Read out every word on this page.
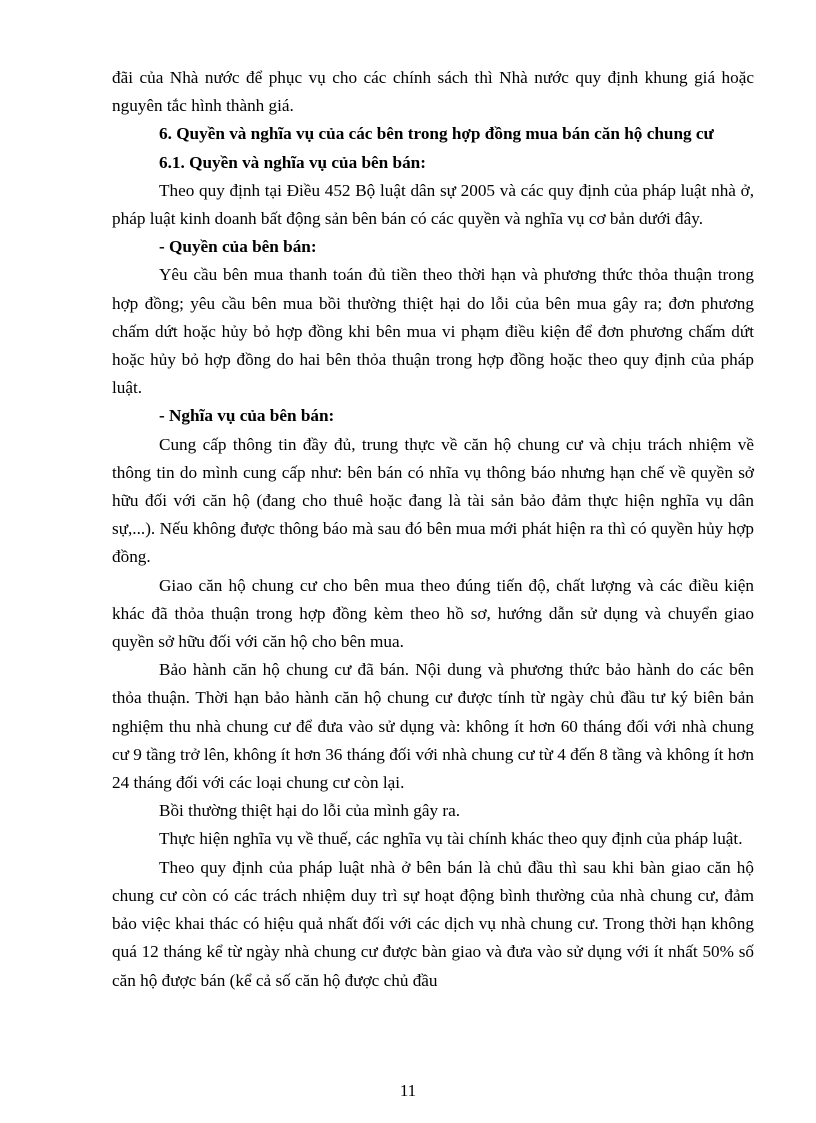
đãi của Nhà nước để phục vụ cho các chính sách thì Nhà nước quy định khung giá hoặc nguyên tắc hình thành giá.

6. Quyền và nghĩa vụ của các bên trong hợp đồng mua bán căn hộ chung cư

6.1. Quyền và nghĩa vụ của bên bán:

Theo quy định tại Điều 452 Bộ luật dân sự 2005 và các quy định của pháp luật nhà ở, pháp luật kinh doanh bất động sản bên bán có các quyền và nghĩa vụ cơ bản dưới đây.

- Quyền của bên bán:

Yêu cầu bên mua thanh toán đủ tiền theo thời hạn và phương thức thỏa thuận trong hợp đồng; yêu cầu bên mua bồi thường thiệt hại do lỗi của bên mua gây ra; đơn phương chấm dứt hoặc hủy bỏ hợp đồng khi bên mua vi phạm điều kiện để đơn phương chấm dứt hoặc hủy bỏ hợp đồng do hai bên thỏa thuận trong hợp đồng hoặc theo quy định của pháp luật.

- Nghĩa vụ của bên bán:

Cung cấp thông tin đầy đủ, trung thực về căn hộ chung cư và chịu trách nhiệm về thông tin do mình cung cấp như: bên bán có nhĩa vụ thông báo nhưng hạn chế về quyền sở hữu đối với căn hộ (đang cho thuê hoặc đang là tài sản bảo đảm thực hiện nghĩa vụ dân sự,...). Nếu không được thông báo mà sau đó bên mua mới phát hiện ra thì có quyền hủy hợp đồng.

Giao căn hộ chung cư cho bên mua theo đúng tiến độ, chất lượng và các điều kiện khác đã thỏa thuận trong hợp đồng kèm theo hồ sơ, hướng dẫn sử dụng và chuyển giao quyền sở hữu đối với căn hộ cho bên mua.

Bảo hành căn hộ chung cư đã bán. Nội dung và phương thức bảo hành do các bên thỏa thuận. Thời hạn bảo hành căn hộ chung cư được tính từ ngày chủ đầu tư ký biên bản nghiệm thu nhà chung cư để đưa vào sử dụng và: không ít hơn 60 tháng đối với nhà chung cư 9 tầng trở lên, không ít hơn 36 tháng đối với nhà chung cư từ 4 đến 8 tầng và không ít hơn 24 tháng đối với các loại chung cư còn lại.

Bồi thường thiệt hại do lỗi của mình gây ra.

Thực hiện nghĩa vụ về thuế, các nghĩa vụ tài chính khác theo quy định của pháp luật.

Theo quy định của pháp luật nhà ở bên bán là chủ đầu thì sau khi bàn giao căn hộ chung cư còn có các trách nhiệm duy trì sự hoạt động bình thường của nhà chung cư, đảm bảo việc khai thác có hiệu quả nhất đối với các dịch vụ nhà chung cư. Trong thời hạn không quá 12 tháng kể từ ngày nhà chung cư được bàn giao và đưa vào sử dụng với ít nhất 50% số căn hộ được bán (kể cả số căn hộ được chủ đầu

11
